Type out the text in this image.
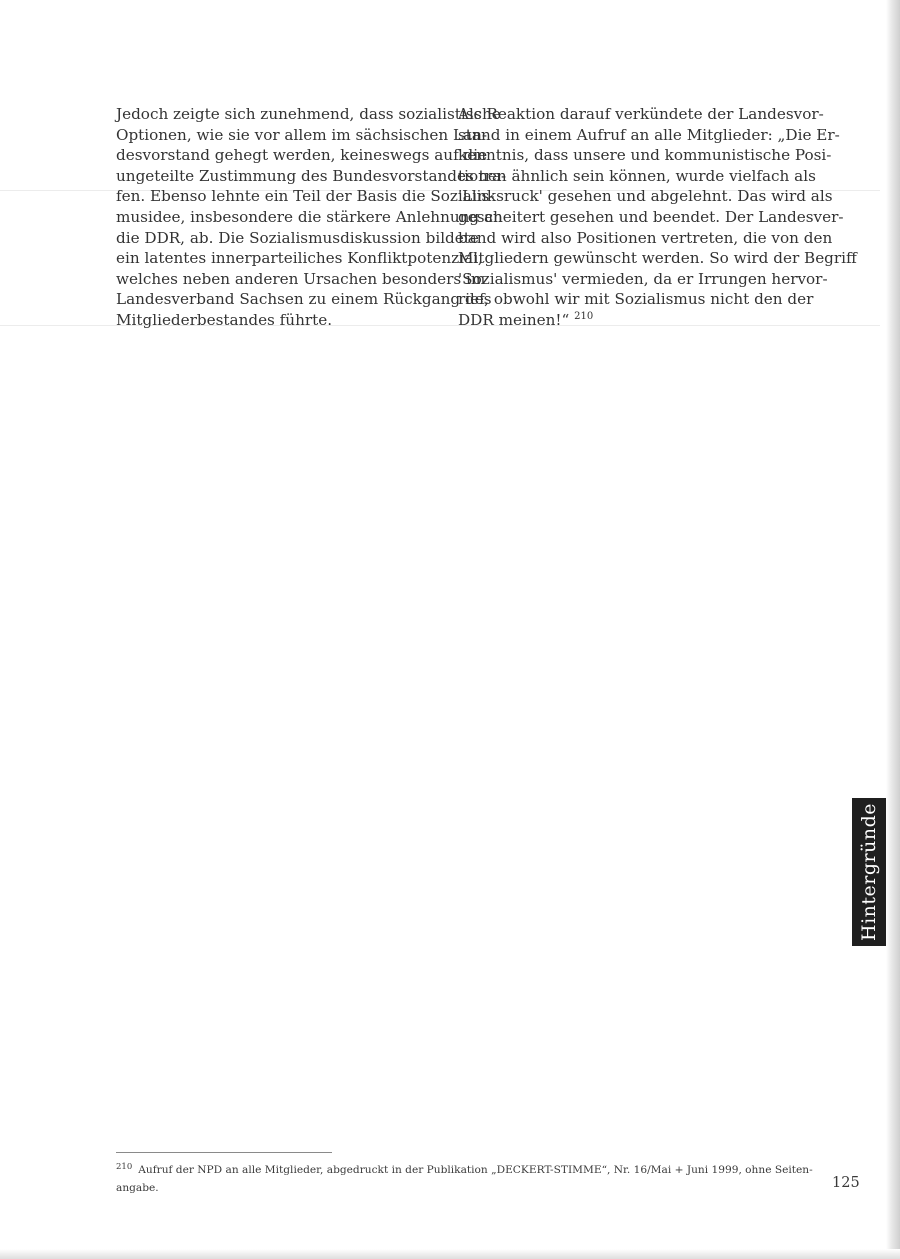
Jedoch zeigte sich zunehmend, dass sozialistische
Optionen, wie sie vor allem im sächsischen Lan-
desvorstand gehegt werden, keineswegs auf die
ungeteilte Zustimmung des Bundesvorstandes tra-
fen. Ebenso lehnte ein Teil der Basis die Sozialis-
musidee, insbesondere die stärkere Anlehnung an
die DDR, ab. Die Sozialismusdiskussion bildete
ein latentes innerparteiliches Konfliktpotenzial,
welches neben anderen Ursachen besonders im
Landesverband Sachsen zu einem Rückgang des
Mitgliederbestandes führte.

Als Reaktion darauf verkündete der Landesvor-
stand in einem Aufruf an alle Mitglieder: „Die Er-
kenntnis, dass unsere und kommunistische Posi-
tionen ähnlich sein können, wurde vielfach als
'Linksruck' gesehen und abgelehnt. Das wird als
gescheitert gesehen und beendet. Der Landesver-
band wird also Positionen vertreten, die von den
Mitgliedern gewünscht werden. So wird der Begriff
'Sozialismus' vermieden, da er Irrungen hervor-
rief, obwohl wir mit Sozialismus nicht den der
DDR meinen!“ $^{210}$

Hintergründe
$^{210}$ Aufruf der NPD an alle Mitglieder, abgedruckt in der Publikation „DECKERT-STIMME“, Nr. 16/Mai + Juni 1999, ohne Seiten-
angabe.	125
